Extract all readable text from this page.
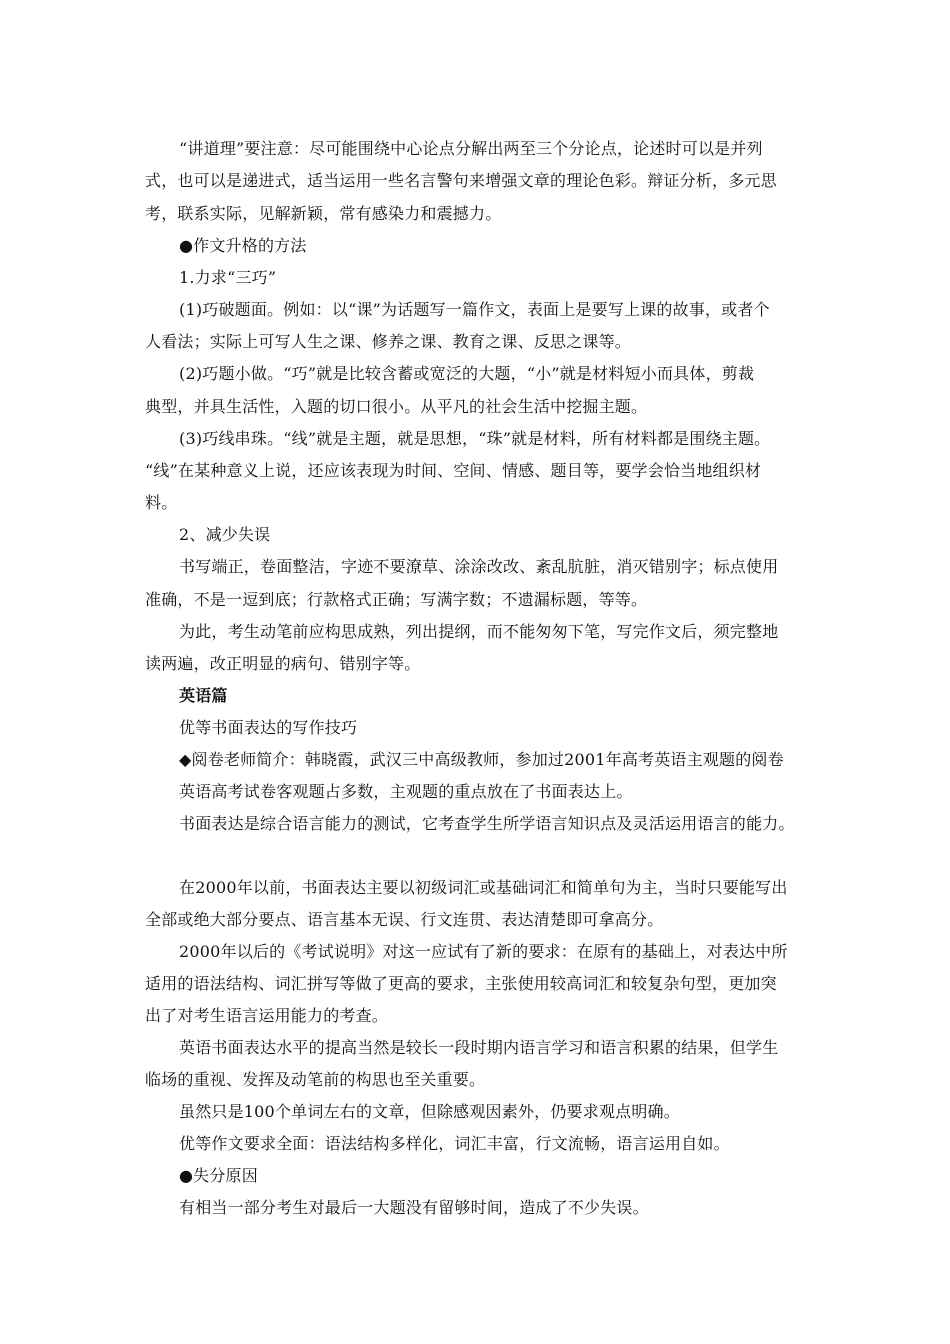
“讲道理”要注意：尽可能围绕中心论点分解出两至三个分论点，论述时可以是并列
式，也可以是递进式，适当运用一些名言警句来增强文章的理论色彩。辩证分析，多元思
考，联系实际，见解新颖，常有感染力和震撼力。
●作文升格的方法
1.力求“三巧”
(1)巧破题面。例如：以“课”为话题写一篇作文，表面上是要写上课的故事，或者个
人看法；实际上可写人生之课、修养之课、教育之课、反思之课等。
(2)巧题小做。“巧”就是比较含蓄或宽泛的大题，“小”就是材料短小而具体，剪裁
典型，并具生活性，入题的切口很小。从平凡的社会生活中挖掘主题。
(3)巧线串珠。“线”就是主题，就是思想，“珠”就是材料，所有材料都是围绕主题。
“线”在某种意义上说，还应该表现为时间、空间、情感、题目等，要学会恰当地组织材
料。
2、减少失误
书写端正，卷面整洁，字迹不要潦草、涂涂改改、紊乱肮脏，消灭错别字；标点使用
准确，不是一逗到底；行款格式正确；写满字数；不遗漏标题，等等。
为此，考生动笔前应构思成熟，列出提纲，而不能匆匆下笔，写完作文后，须完整地
读两遍，改正明显的病句、错别字等。
英语篇
优等书面表达的写作技巧
◆阅卷老师简介：韩晓霞，武汉三中高级教师，参加过2001年高考英语主观题的阅卷
英语高考试卷客观题占多数，主观题的重点放在了书面表达上。
书面表达是综合语言能力的测试，它考查学生所学语言知识点及灵活运用语言的能力。
在2000年以前，书面表达主要以初级词汇或基础词汇和简单句为主，当时只要能写出
全部或绝大部分要点、语言基本无误、行文连贯、表达清楚即可拿高分。
2000年以后的《考试说明》对这一应试有了新的要求：在原有的基础上，对表达中所
适用的语法结构、词汇拼写等做了更高的要求，主张使用较高词汇和较复杂句型，更加突
出了对考生语言运用能力的考查。
英语书面表达水平的提高当然是较长一段时期内语言学习和语言积累的结果，但学生
临场的重视、发挥及动笔前的构思也至关重要。
虽然只是100个单词左右的文章，但除感观因素外，仍要求观点明确。
优等作文要求全面：语法结构多样化，词汇丰富，行文流畅，语言运用自如。
●失分原因
有相当一部分考生对最后一大题没有留够时间，造成了不少失误。
